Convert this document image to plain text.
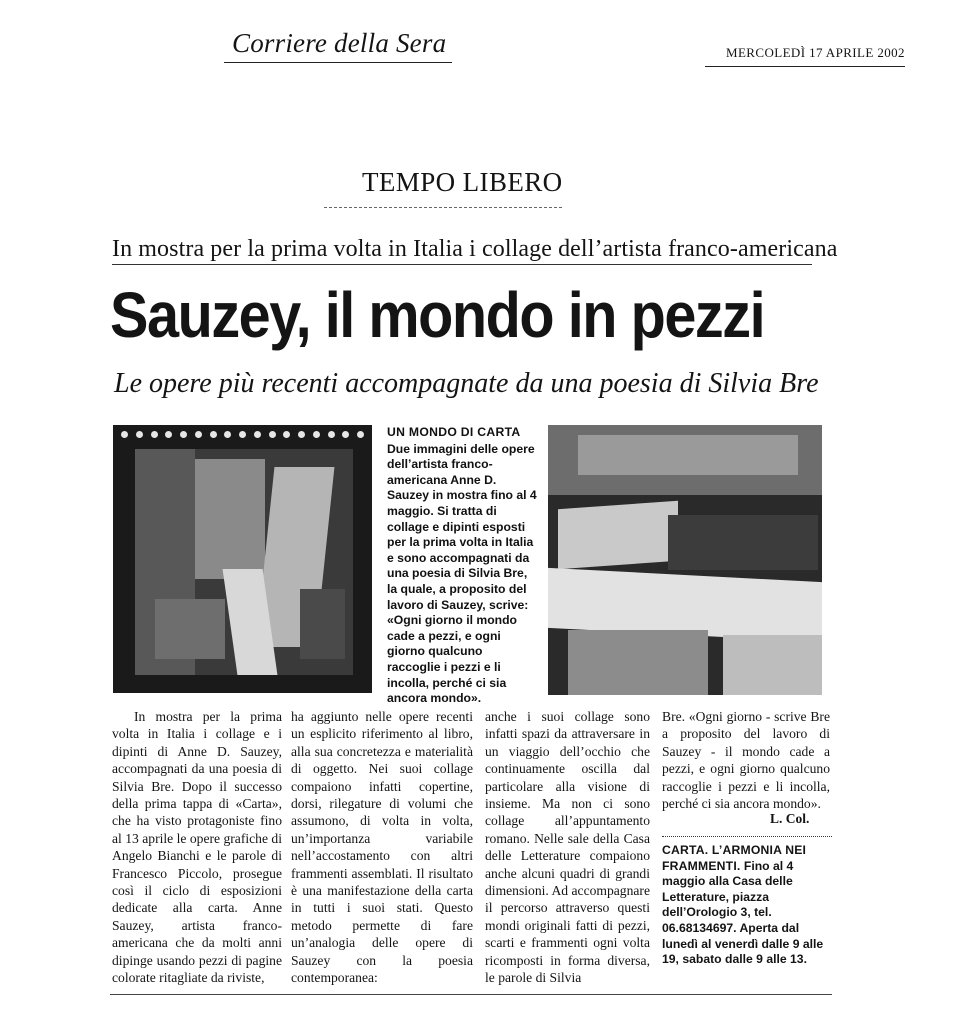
Corriere della Sera	MERCOLEDÌ 17 APRILE 2002
TEMPO LIBERO
In mostra per la prima volta in Italia i collage dell’artista franco-americana
Sauzey, il mondo in pezzi
Le opere più recenti accompagnate da una poesia di Silvia Bre
UN MONDO DI CARTA
Due immagini delle opere dell’artista franco-americana Anne D. Sauzey in mostra fino al 4 maggio. Si tratta di collage e dipinti esposti per la prima volta in Italia e sono accompagnati da una poesia di Silvia Bre, la quale, a proposito del lavoro di Sauzey, scrive: «Ogni giorno il mondo cade a pezzi, e ogni giorno qualcuno raccoglie i pezzi e li incolla, perché ci sia ancora mondo».

In mostra per la prima volta in Italia i collage e i dipinti di Anne D. Sauzey, accompagnati da una poesia di Silvia Bre. Dopo il successo della prima tappa di «Carta», che ha visto protagoniste fino al 13 aprile le opere grafiche di Angelo Bianchi e le parole di Francesco Piccolo, prosegue così il ciclo di esposizioni dedicate alla carta. Anne Sauzey, artista franco-americana che da molti anni dipinge usando pezzi di pagine colorate ritagliate da riviste,

ha aggiunto nelle opere recenti un esplicito riferimento al libro, alla sua concretezza e materialità di oggetto. Nei suoi collage compaiono infatti copertine, dorsi, rilegature di volumi che assumono, di volta in volta, un’importanza variabile nell’accostamento con altri frammenti assemblati. Il risultato è una manifestazione della carta in tutti i suoi stati. Questo metodo permette di fare un’analogia delle opere di Sauzey con la poesia contemporanea:

anche i suoi collage sono infatti spazi da attraversare in un viaggio dell’occhio che continuamente oscilla dal particolare alla visione di insieme. Ma non ci sono collage all’appuntamento romano. Nelle sale della Casa delle Letterature compaiono anche alcuni quadri di grandi dimensioni. Ad accompagnare il percorso attraverso questi mondi originali fatti di pezzi, scarti e frammenti ogni volta ricomposti in forma diversa, le parole di Silvia

Bre. «Ogni giorno - scrive Bre a proposito del lavoro di Sauzey - il mondo cade a pezzi, e ogni giorno qualcuno raccoglie i pezzi e li incolla, perché ci sia ancora mondo».

L. Col.
CARTA. L’ARMONIA NEI FRAMMENTI. Fino al 4 maggio alla Casa delle Letterature, piazza dell’Orologio 3, tel. 06.68134697. Aperta dal lunedì al venerdì dalle 9 alle 19, sabato dalle 9 alle 13.
